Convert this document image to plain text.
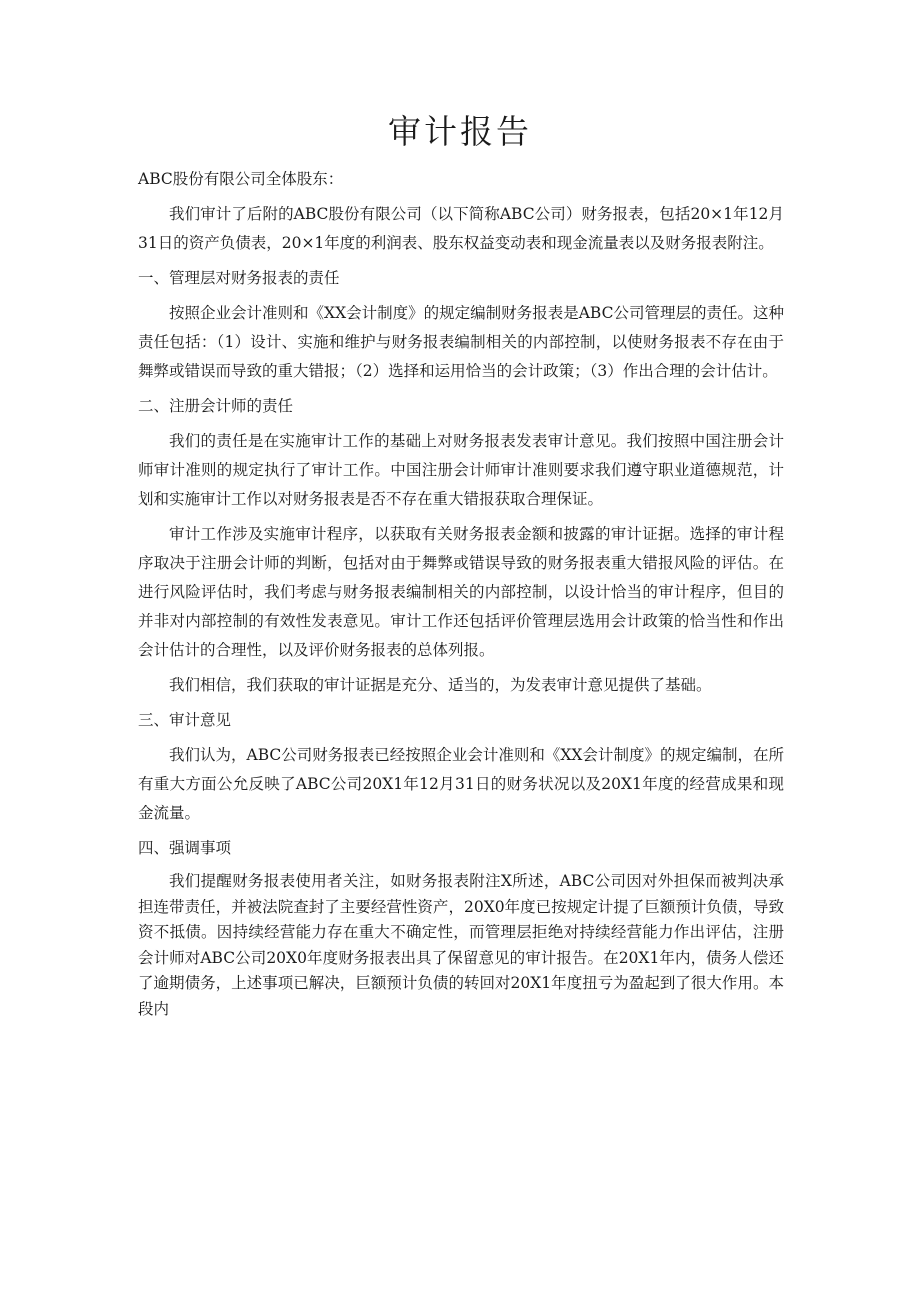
审计报告

ABC股份有限公司全体股东：

我们审计了后附的ABC股份有限公司（以下简称ABC公司）财务报表，包括20×1年12月31日的资产负债表，20×1年度的利润表、股东权益变动表和现金流量表以及财务报表附注。

一、管理层对财务报表的责任

按照企业会计准则和《XX会计制度》的规定编制财务报表是ABC公司管理层的责任。这种责任包括：（1）设计、实施和维护与财务报表编制相关的内部控制，以使财务报表不存在由于舞弊或错误而导致的重大错报；（2）选择和运用恰当的会计政策；（3）作出合理的会计估计。

二、注册会计师的责任

我们的责任是在实施审计工作的基础上对财务报表发表审计意见。我们按照中国注册会计师审计准则的规定执行了审计工作。中国注册会计师审计准则要求我们遵守职业道德规范，计划和实施审计工作以对财务报表是否不存在重大错报获取合理保证。

审计工作涉及实施审计程序，以获取有关财务报表金额和披露的审计证据。选择的审计程序取决于注册会计师的判断，包括对由于舞弊或错误导致的财务报表重大错报风险的评估。在进行风险评估时，我们考虑与财务报表编制相关的内部控制，以设计恰当的审计程序，但目的并非对内部控制的有效性发表意见。审计工作还包括评价管理层选用会计政策的恰当性和作出会计估计的合理性，以及评价财务报表的总体列报。

我们相信，我们获取的审计证据是充分、适当的，为发表审计意见提供了基础。

三、审计意见

我们认为，ABC公司财务报表已经按照企业会计准则和《XX会计制度》的规定编制，在所有重大方面公允反映了ABC公司20X1年12月31日的财务状况以及20X1年度的经营成果和现金流量。

四、强调事项

我们提醒财务报表使用者关注，如财务报表附注X所述，ABC公司因对外担保而被判决承担连带责任，并被法院查封了主要经营性资产，20X0年度已按规定计提了巨额预计负债，导致资不抵债。因持续经营能力存在重大不确定性，而管理层拒绝对持续经营能力作出评估，注册会计师对ABC公司20X0年度财务报表出具了保留意见的审计报告。在20X1年内，债务人偿还了逾期债务，上述事项已解决，巨额预计负债的转回对20X1年度扭亏为盈起到了很大作用。本段内
